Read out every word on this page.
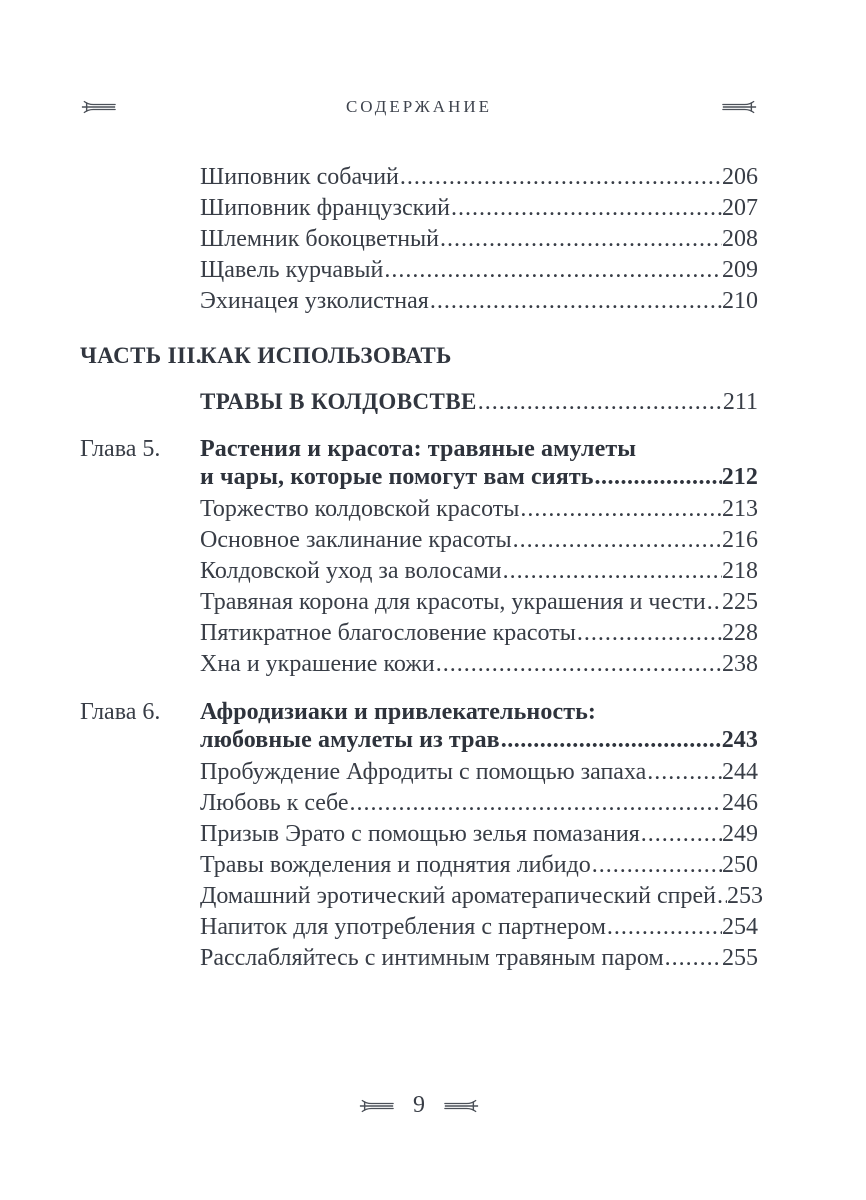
СОДЕРЖАНИЕ
Шиповник собачий .....	206
Шиповник французский .....	207
Шлемник бокоцветный .....	208
Щавель курчавый .....	209
Эхинацея узколистная .....	210
ЧАСТЬ III.
КАК ИСПОЛЬЗОВАТЬ
ТРАВЫ В КОЛДОВСТВЕ .....	211
Глава 5.	Растения и красота: травяные амулеты
и чары, которые помогут вам сиять .....	212
Торжество колдовской красоты .....	213
Основное заклинание красоты .....	216
Колдовской уход за волосами .....	218
Травяная корона для красоты, украшения и чести ..... 225
Пятикратное благословение красоты .....	228
Хна и украшение кожи .....	238
Глава 6.	Афродизиаки и привлекательность:
любовные амулеты из трав .....	243
Пробуждение Афродиты с помощью запаха .....	244
Любовь к себе .....	246
Призыв Эрато с помощью зелья помазания .....	249
Травы вожделения и поднятия либидо .....	250
Домашний эротический ароматерапический спрей ..... 253
Напиток для употребления с партнером .....	254
Расслабляйтесь с интимным травяным паром ..... 255
9
